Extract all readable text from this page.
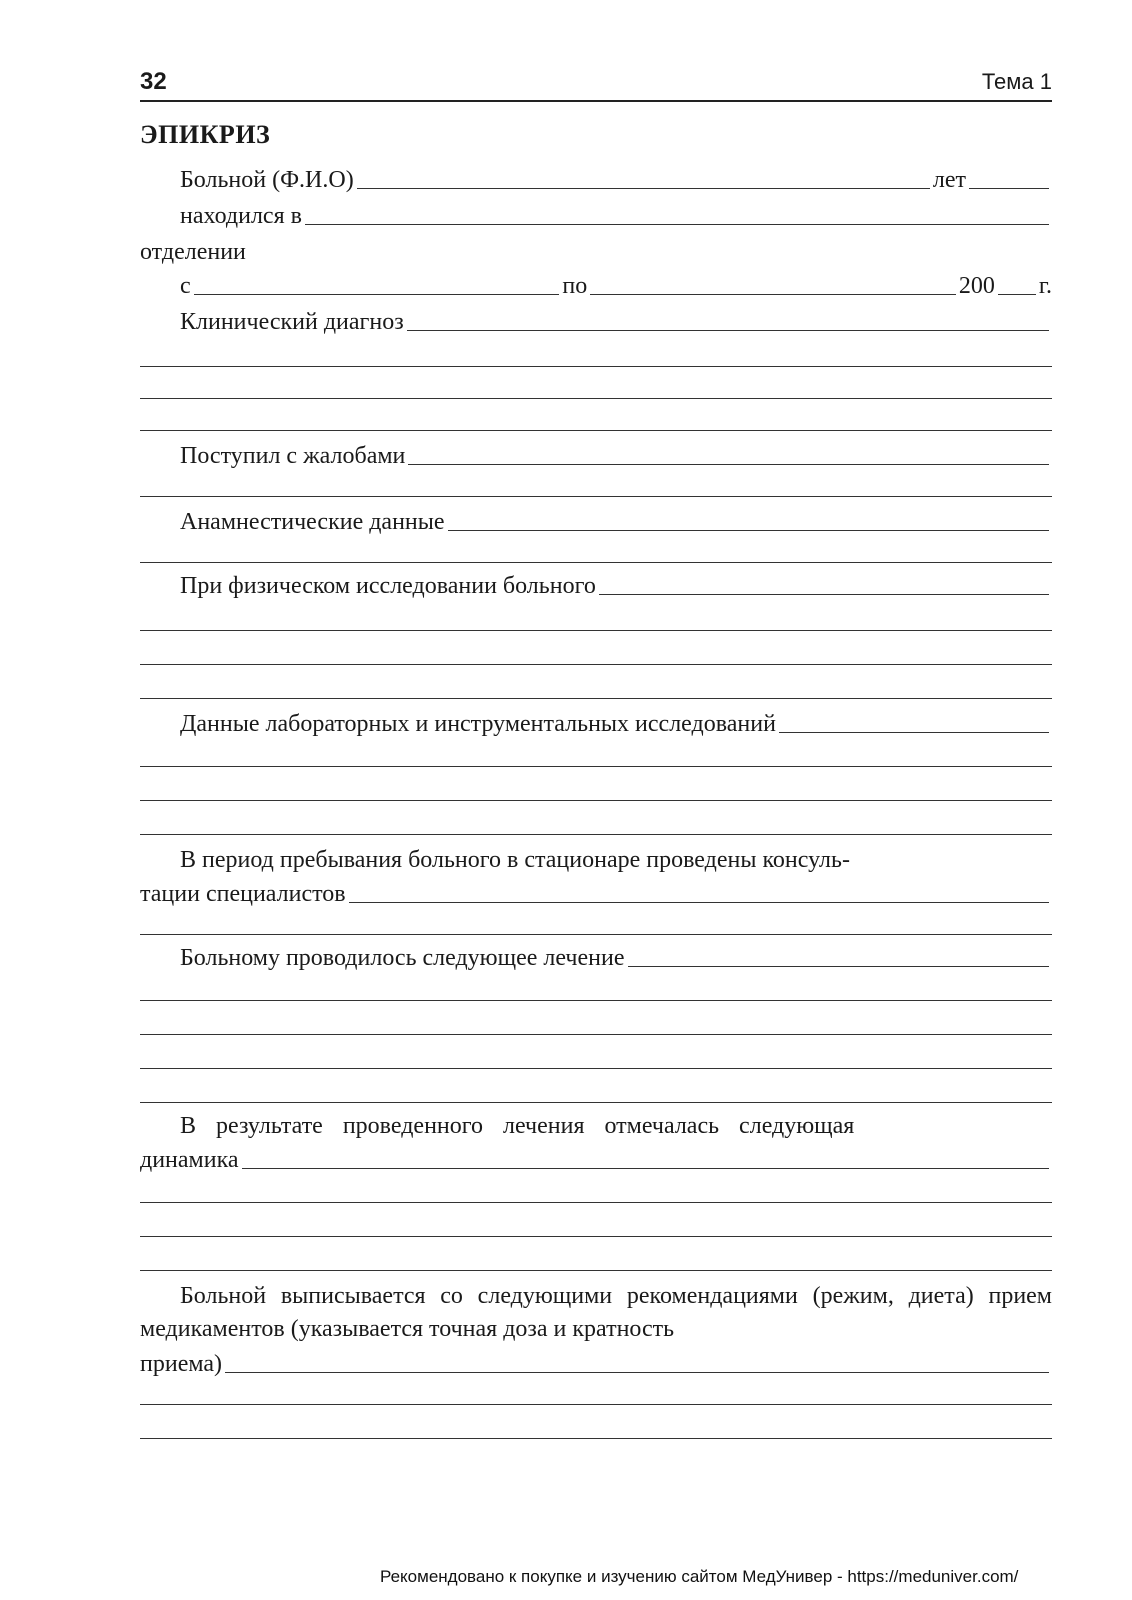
32	Тема 1
ЭПИКРИЗ
Больной (Ф.И.О)	лет
находился в
отделении
с	по	200 г.
Клинический диагноз
Поступил с жалобами
Анамнестические данные
При физическом исследовании больного
Данные лабораторных и инструментальных исследований
В период пребывания больного в стационаре проведены консуль-
тации специалистов
Больному проводилось следующее лечение
В результате проведенного лечения отмечалась следующая
динамика
Больной выписывается со следующими рекомендациями (режим, диета) прием медикаментов (указывается точная доза и кратность
приема)
Рекомендовано к покупке и изучению сайтом МедУнивер - https://meduniver.com/
